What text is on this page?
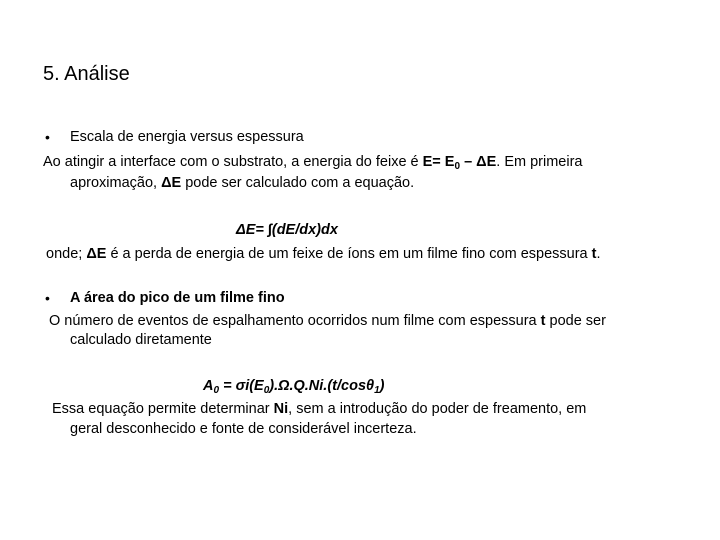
5. Análise
• Escala de energia versus espessura
Ao atingir a interface com o substrato, a energia do feixe é $E= E_0 - \Delta E$. Em primeira
aproximação, ΔE pode ser calculado com a equação.
ΔE= ∫(dE/dx)dx
onde; ΔE é a perda de energia de um feixe de íons em um filme fino com espessura t.
• A área do pico de um filme fino
O número de eventos de espalhamento ocorridos num filme com espessura t pode ser
calculado diretamente
$A_0 = \sigma i(E_0).\Omega.Q.Ni.(t/\cos\theta_1)$
Essa equação permite determinar Ni, sem a introdução do poder de freamento, em
geral desconhecido e fonte de considerável incerteza.
